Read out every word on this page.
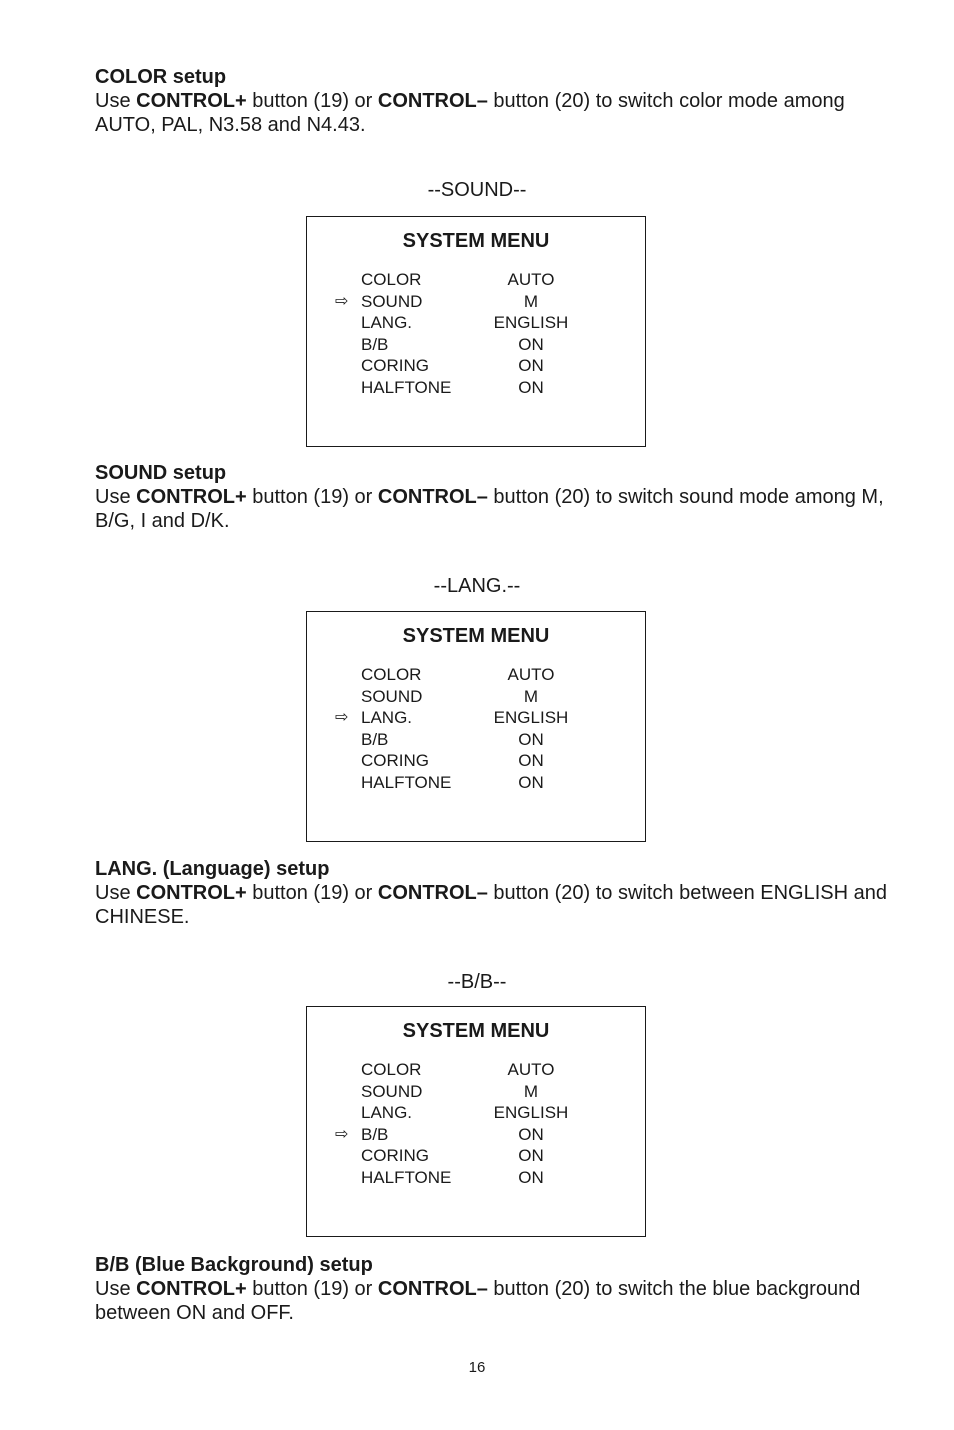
COLOR setup
Use CONTROL+ button (19) or CONTROL– button (20) to switch color mode among AUTO, PAL, N3.58 and N4.43.
--SOUND--
SYSTEM MENU
COLOR	AUTO
⇨ SOUND	M
LANG.	ENGLISH
B/B	ON
CORING	ON
HALFTONE	ON
SOUND setup
Use CONTROL+ button (19) or CONTROL– button (20) to switch sound mode among M, B/G, I and D/K.
--LANG.--
SYSTEM MENU
COLOR	AUTO
SOUND	M
⇨ LANG.	ENGLISH
B/B	ON
CORING	ON
HALFTONE	ON
LANG. (Language) setup
Use CONTROL+ button (19) or CONTROL– button (20) to switch between ENGLISH and CHINESE.
--B/B--
SYSTEM MENU
COLOR	AUTO
SOUND	M
LANG.	ENGLISH
⇨ B/B	ON
CORING	ON
HALFTONE	ON
B/B (Blue Background) setup
Use CONTROL+ button (19) or CONTROL– button (20) to switch the blue background between ON and OFF.
16
